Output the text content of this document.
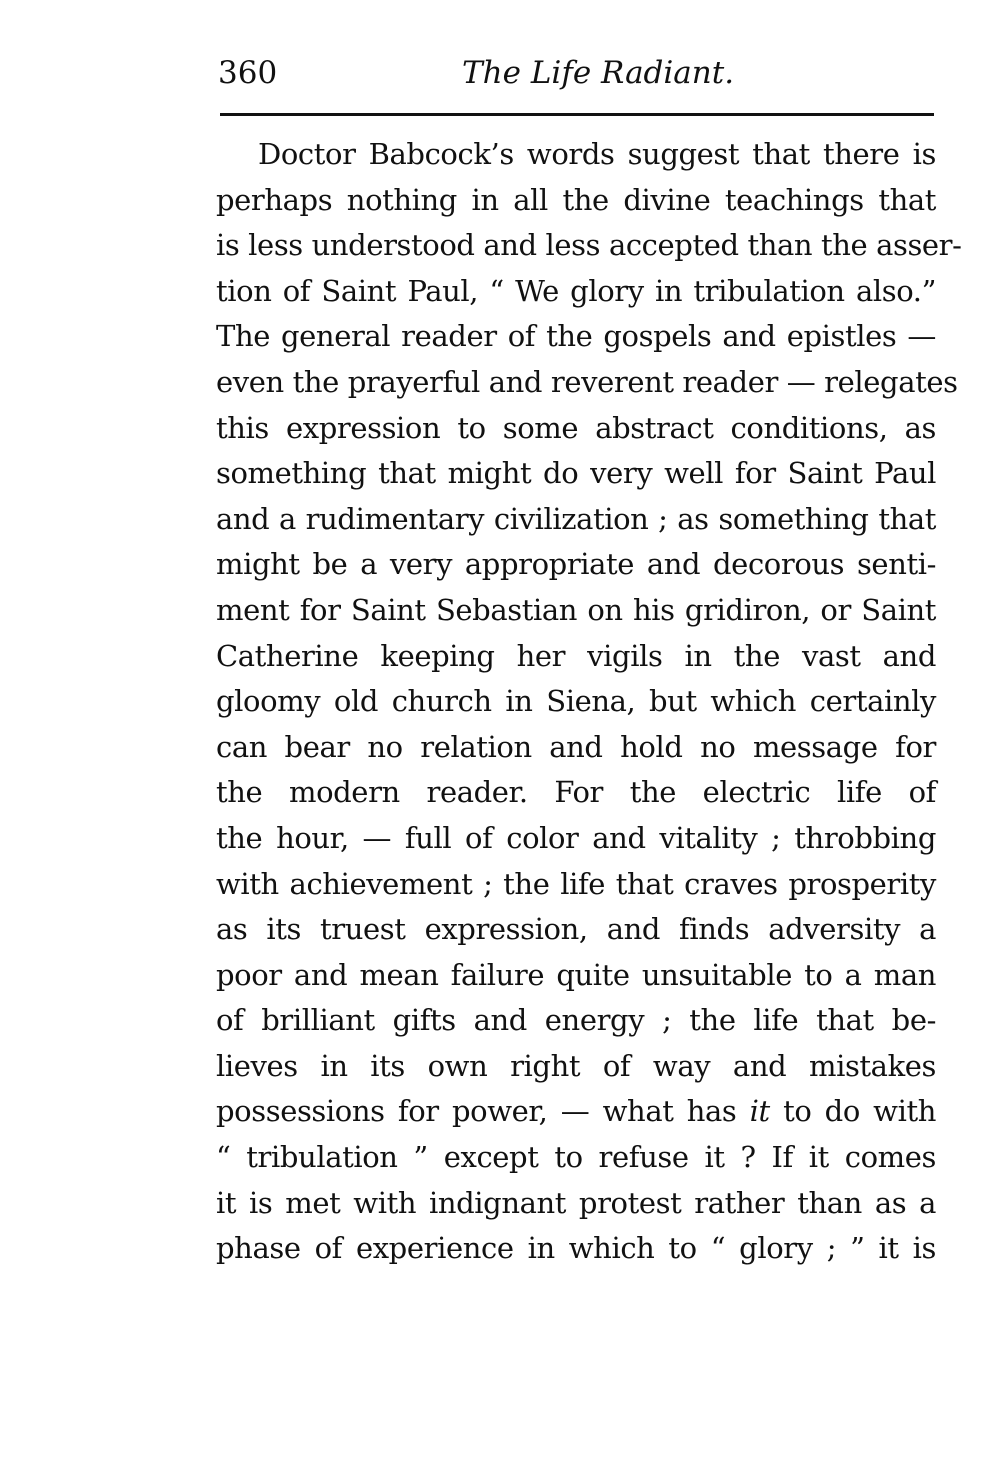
360	The Life Radiant.
Doctor Babcock’s words suggest that there is
perhaps nothing in all the divine teachings that
is less understood and less accepted than the asser-
tion of Saint Paul, “ We glory in tribulation also.”
The general reader of the gospels and epistles —
even the prayerful and reverent reader — relegates
this expression to some abstract conditions, as
something that might do very well for Saint Paul
and a rudimentary civilization ; as something that
might be a very appropriate and decorous senti-
ment for Saint Sebastian on his gridiron, or Saint
Catherine keeping her vigils in the vast and
gloomy old church in Siena, but which certainly
can bear no relation and hold no message for
the modern reader. For the electric life of
the hour, — full of color and vitality ; throbbing
with achievement ; the life that craves prosperity
as its truest expression, and finds adversity a
poor and mean failure quite unsuitable to a man
of brilliant gifts and energy ; the life that be-
lieves in its own right of way and mistakes
possessions for power, — what has it to do with
“ tribulation ” except to refuse it ? If it comes
it is met with indignant protest rather than as a
phase of experience in which to “ glory ; ” it is
